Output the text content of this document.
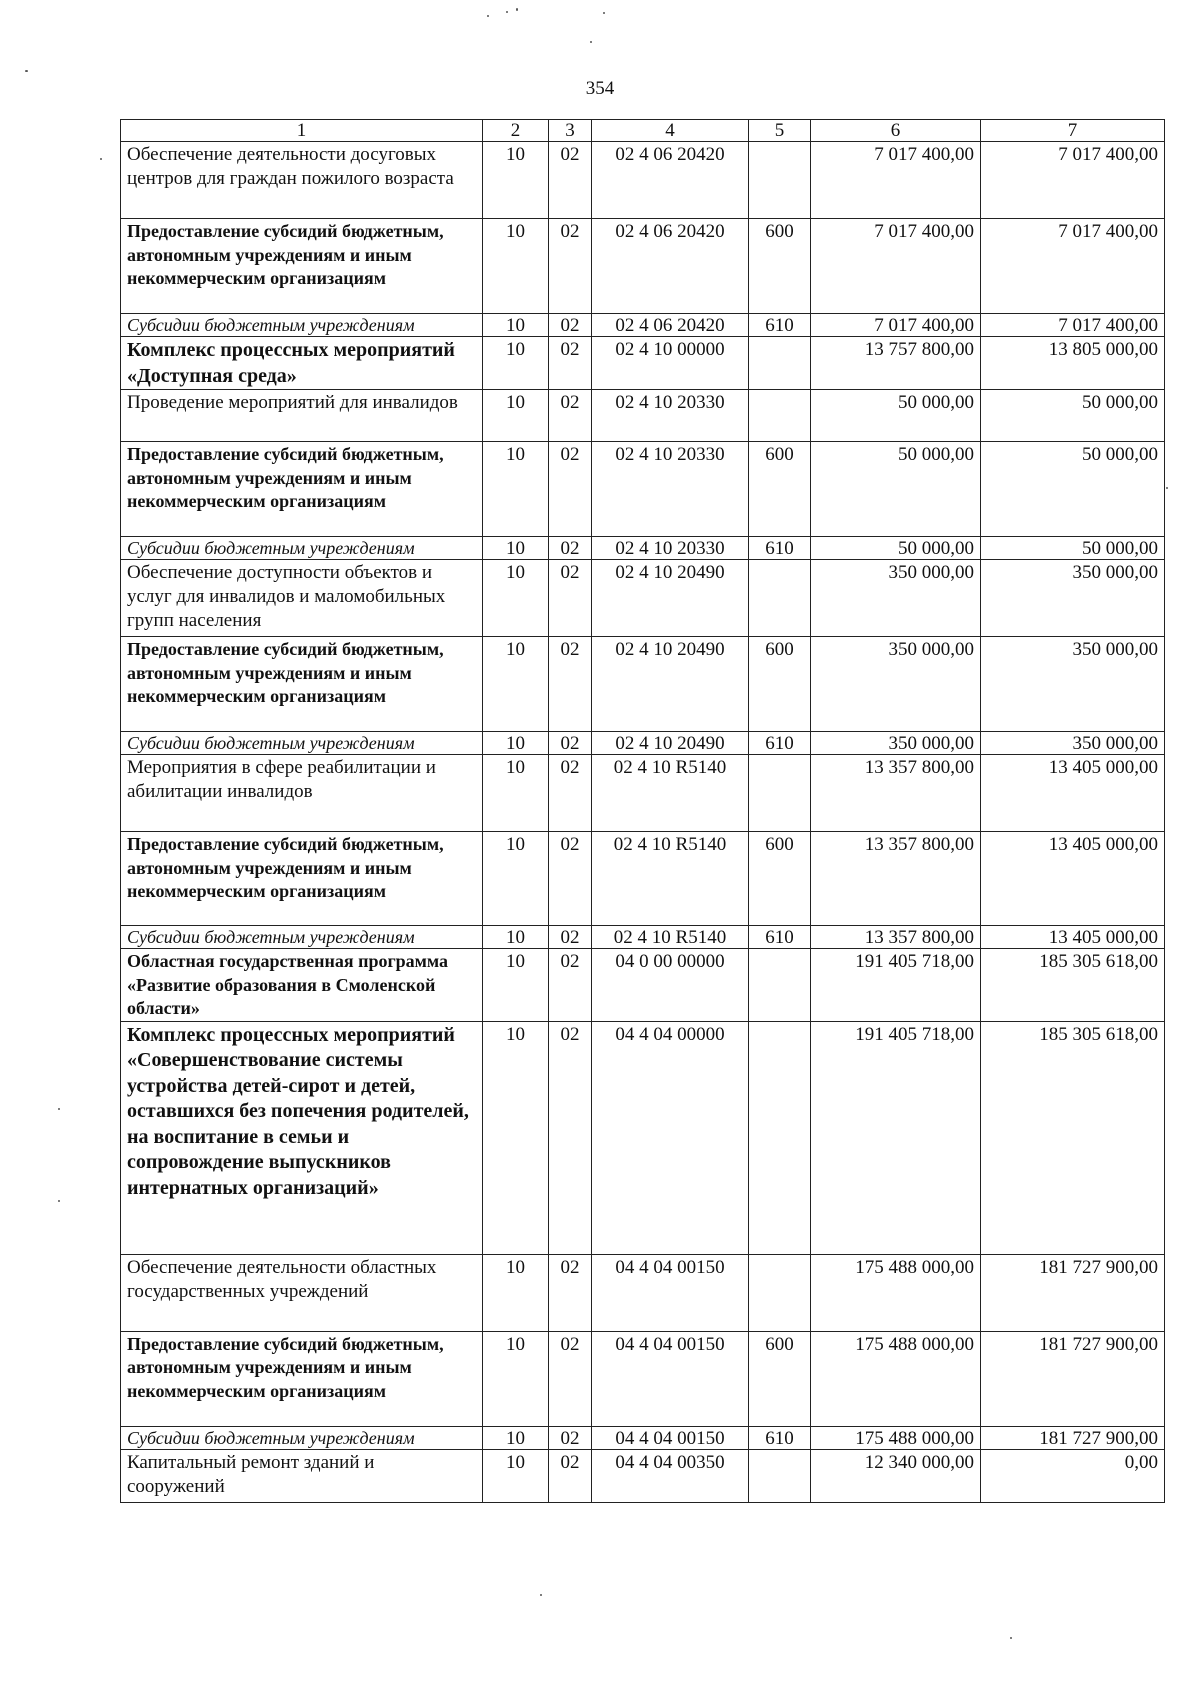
354
1	2	3	4	5	6	7
Обеспечение деятельности досуговых центров для граждан пожилого возраста	10	02	02 4 06 20420		7 017 400,00	7 017 400,00
Предоставление субсидий бюджетным, автономным учреждениям и иным некоммерческим организациям	10	02	02 4 06 20420	600	7 017 400,00	7 017 400,00
Субсидии бюджетным учреждениям	10	02	02 4 06 20420	610	7 017 400,00	7 017 400,00
Комплекс процессных мероприятий «Доступная среда»	10	02	02 4 10 00000		13 757 800,00	13 805 000,00
Проведение мероприятий для инвалидов	10	02	02 4 10 20330		50 000,00	50 000,00
Предоставление субсидий бюджетным, автономным учреждениям и иным некоммерческим организациям	10	02	02 4 10 20330	600	50 000,00	50 000,00
Субсидии бюджетным учреждениям	10	02	02 4 10 20330	610	50 000,00	50 000,00
Обеспечение доступности объектов и услуг для инвалидов и маломобильных групп населения	10	02	02 4 10 20490		350 000,00	350 000,00
Предоставление субсидий бюджетным, автономным учреждениям и иным некоммерческим организациям	10	02	02 4 10 20490	600	350 000,00	350 000,00
Субсидии бюджетным учреждениям	10	02	02 4 10 20490	610	350 000,00	350 000,00
Мероприятия в сфере реабилитации и абилитации инвалидов	10	02	02 4 10 R5140		13 357 800,00	13 405 000,00
Предоставление субсидий бюджетным, автономным учреждениям и иным некоммерческим организациям	10	02	02 4 10 R5140	600	13 357 800,00	13 405 000,00
Субсидии бюджетным учреждениям	10	02	02 4 10 R5140	610	13 357 800,00	13 405 000,00
Областная государственная программа «Развитие образования в Смоленской области»	10	02	04 0 00 00000		191 405 718,00	185 305 618,00
Комплекс процессных мероприятий «Совершенствование системы устройства детей-сирот и детей, оставшихся без попечения родителей, на воспитание в семьи и сопровождение выпускников интернатных организаций»	10	02	04 4 04 00000		191 405 718,00	185 305 618,00
Обеспечение деятельности областных государственных учреждений	10	02	04 4 04 00150		175 488 000,00	181 727 900,00
Предоставление субсидий бюджетным, автономным учреждениям и иным некоммерческим организациям	10	02	04 4 04 00150	600	175 488 000,00	181 727 900,00
Субсидии бюджетным учреждениям	10	02	04 4 04 00150	610	175 488 000,00	181 727 900,00
Капитальный ремонт зданий и сооружений	10	02	04 4 04 00350		12 340 000,00	0,00
